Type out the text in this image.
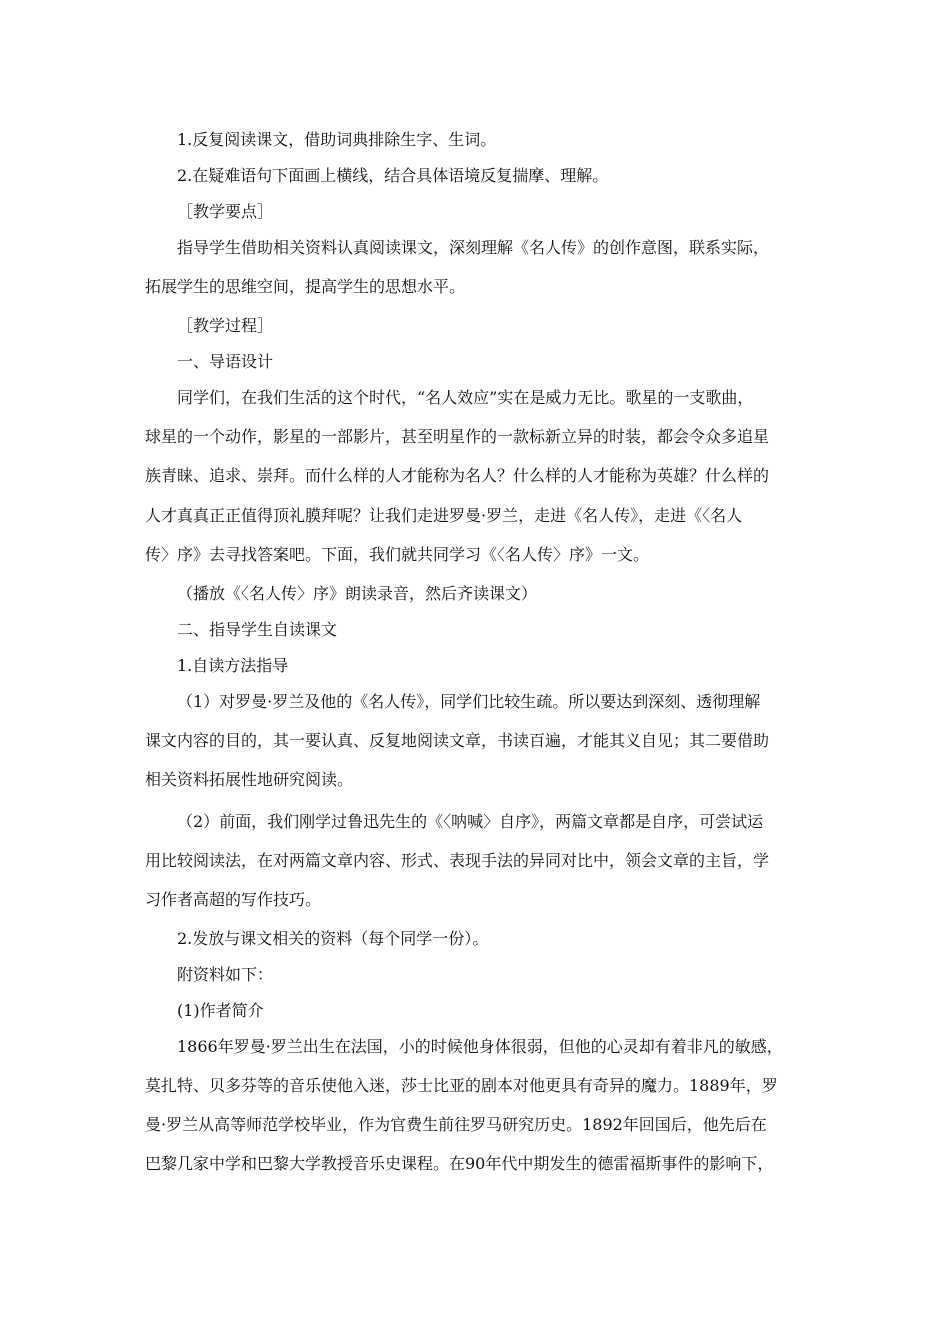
1.反复阅读课文，借助词典排除生字、生词。
2.在疑难语句下面画上横线，结合具体语境反复揣摩、理解。
［教学要点］
指导学生借助相关资料认真阅读课文，深刻理解《名人传》的创作意图，联系实际，
拓展学生的思维空间，提高学生的思想水平。
［教学过程］
一、导语设计
同学们，在我们生活的这个时代，“名人效应”实在是威力无比。歌星的一支歌曲，
球星的一个动作，影星的一部影片，甚至明星作的一款标新立异的时装，都会令众多追星
族青睐、追求、崇拜。而什么样的人才能称为名人？什么样的人才能称为英雄？什么样的
人才真真正正值得顶礼膜拜呢？让我们走进罗曼·罗兰，走进《名人传》，走进《〈名人
传〉序》去寻找答案吧。下面，我们就共同学习《〈名人传〉序》一文。
（播放《〈名人传〉序》朗读录音，然后齐读课文）
二、指导学生自读课文
1.自读方法指导
（1）对罗曼·罗兰及他的《名人传》，同学们比较生疏。所以要达到深刻、透彻理解
课文内容的目的，其一要认真、反复地阅读文章，书读百遍，才能其义自见；其二要借助
相关资料拓展性地研究阅读。
（2）前面，我们刚学过鲁迅先生的《〈呐喊〉自序》，两篇文章都是自序，可尝试运
用比较阅读法，在对两篇文章内容、形式、表现手法的异同对比中，领会文章的主旨，学
习作者高超的写作技巧。
2.发放与课文相关的资料（每个同学一份）。
附资料如下：
(1)作者简介
1866年罗曼·罗兰出生在法国，小的时候他身体很弱，但他的心灵却有着非凡的敏感，
莫扎特、贝多芬等的音乐使他入迷，莎士比亚的剧本对他更具有奇异的魔力。1889年，罗
曼·罗兰从高等师范学校毕业，作为官费生前往罗马研究历史。1892年回国后，他先后在
巴黎几家中学和巴黎大学教授音乐史课程。在90年代中期发生的德雷福斯事件的影响下，
